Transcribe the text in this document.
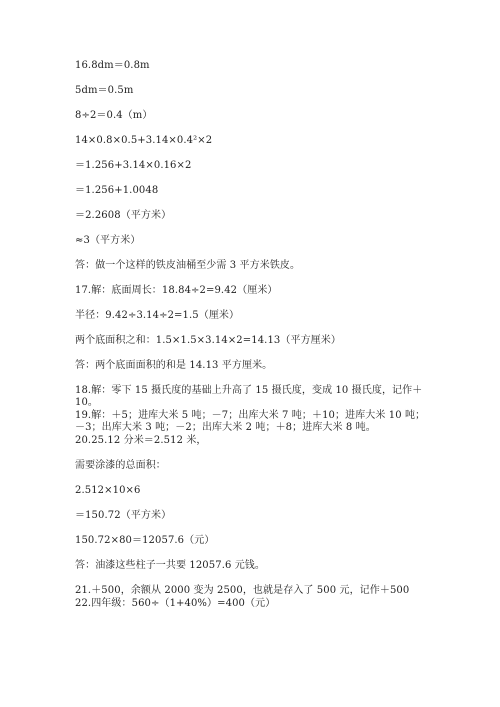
16.8dm＝0.8m
5dm＝0.5m
8÷2＝0.4（m）
14×0.8×0.5+3.14×0.4²×2
＝1.256+3.14×0.16×2
＝1.256+1.0048
＝2.2608（平方米）
≈3（平方米）
答：做一个这样的铁皮油桶至少需 3 平方米铁皮。
17.解：底面周长：18.84÷2=9.42（厘米）
半径：9.42÷3.14÷2=1.5（厘米）
两个底面积之和：1.5×1.5×3.14×2=14.13（平方厘米）
答：两个底面面积的和是 14.13 平方厘米。
18.解：零下 15 摄氏度的基础上升高了 15 摄氏度，变成 10 摄氏度，记作＋10。
19.解：＋5；进库大米 5 吨；－7；出库大米 7 吨；＋10；进库大米 10 吨；－3；出库大米 3 吨；－2；出库大米 2 吨；＋8；进库大米 8 吨。
20.25.12 分米＝2.512 米，
需要涂漆的总面积：
2.512×10×6
＝150.72（平方米）
150.72×80＝12057.6（元）
答：油漆这些柱子一共要 12057.6 元钱。
21.＋500，余额从 2000 变为 2500，也就是存入了 500 元，记作＋500
22.四年级：560÷（1+40%）=400（元）
